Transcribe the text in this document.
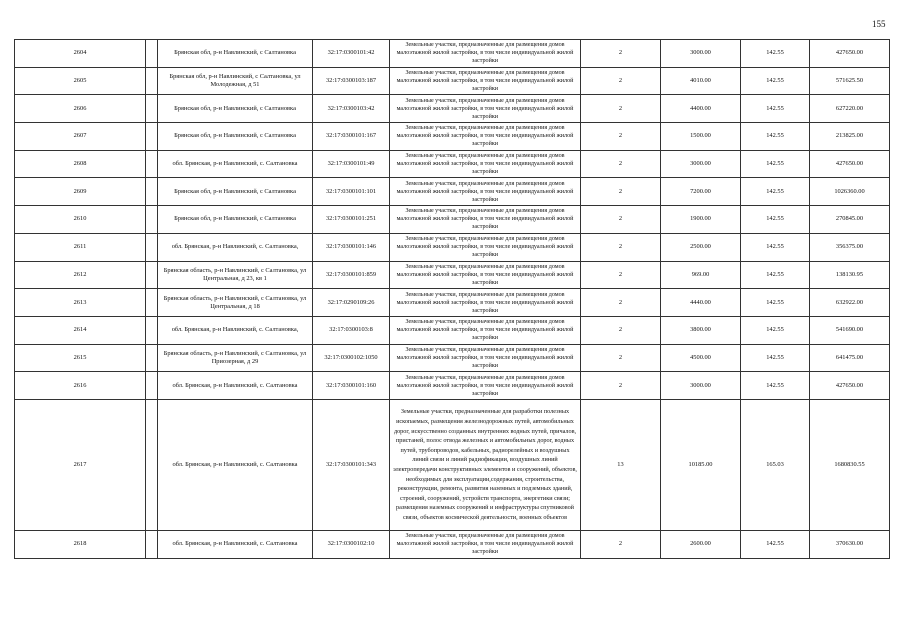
155
2604		Брянская обл, р-н Навлинский, с Салтановка	32:17:0300101:42	Земельные участки, предназначенные для размещения домов малоэтажной жилой застройки, в том числе индивидуальной жилой застройки	2	3000.00	142.55	427650.00
2605		Брянская обл, р-н Навлинский, с Салтановка, ул Молодежная, д 51	32:17:0300103:187	Земельные участки, предназначенные для размещения домов малоэтажной жилой застройки, в том числе индивидуальной жилой застройки	2	4010.00	142.55	571625.50
2606		Брянская обл, р-н Навлинский, с Салтановка	32:17:0300103:42	Земельные участки, предназначенные для размещения домов малоэтажной жилой застройки, в том числе индивидуальной жилой застройки	2	4400.00	142.55	627220.00
2607		Брянская обл, р-н Навлинский, с Салтановка	32:17:0300101:167	Земельные участки, предназначенные для размещения домов малоэтажной жилой застройки, в том числе индивидуальной жилой застройки	2	1500.00	142.55	213825.00
2608		обл. Брянская, р-н Навлинский, с. Салтановка	32:17:0300101:49	Земельные участки, предназначенные для размещения домов малоэтажной жилой застройки, в том числе индивидуальной жилой застройки	2	3000.00	142.55	427650.00
2609		Брянская обл, р-н Навлинский, с Салтановка	32:17:0300101:101	Земельные участки, предназначенные для размещения домов малоэтажной жилой застройки, в том числе индивидуальной жилой застройки	2	7200.00	142.55	1026360.00
2610		Брянская обл, р-н Навлинский, с Салтановка	32:17:0300101:251	Земельные участки, предназначенные для размещения домов малоэтажной жилой застройки, в том числе индивидуальной жилой застройки	2	1900.00	142.55	270845.00
2611		обл. Брянская, р-н Навлинский, с. Салтановка,	32:17:0300101:146	Земельные участки, предназначенные для размещения домов малоэтажной жилой застройки, в том числе индивидуальной жилой застройки	2	2500.00	142.55	356375.00
2612		Брянская область, р-н Навлинский, с Салтановка, ул Центральная, д 23, кв 1	32:17:0300101:859	Земельные участки, предназначенные для размещения домов малоэтажной жилой застройки, в том числе индивидуальной жилой застройки	2	969.00	142.55	138130.95
2613		Брянская область, р-н Навлинский, с Салтановка, ул Центральная, д 18	32:17:0290109:26	Земельные участки, предназначенные для размещения домов малоэтажной жилой застройки, в том числе индивидуальной жилой застройки	2	4440.00	142.55	632922.00
2614		обл. Брянская, р-н Навлинский, с. Салтановка,	32:17:0300103:8	Земельные участки, предназначенные для размещения домов малоэтажной жилой застройки, в том числе индивидуальной жилой застройки	2	3800.00	142.55	541690.00
2615		Брянская область, р-н Навлинский, с Салтановка, ул Приозерная, д 29	32:17:0300102:1050	Земельные участки, предназначенные для размещения домов малоэтажной жилой застройки, в том числе индивидуальной жилой застройки	2	4500.00	142.55	641475.00
2616		обл. Брянская, р-н Навлинский, с. Салтановка	32:17:0300101:160	Земельные участки, предназначенные для размещения домов малоэтажной жилой застройки, в том числе индивидуальной жилой застройки	2	3000.00	142.55	427650.00
2617		обл. Брянская, р-н Навлинский, с. Салтановка	32:17:0300101:343	Земельные участки, предназначенные для разработки полезных ископаемых, размещения железнодорожных путей, автомобильных дорог, искусственно созданных внутренних водных путей, причалов, пристаней, полос отвода железных и автомобильных дорог, водных путей, трубопроводов, кабельных, радиорелейных и воздушных линий связи и линий радиофикации, воздушных линий электропередачи конструктивных элементов и сооружений, объектов, необходимых для эксплуатации,содержания, строительства, реконструкции, ремонта, развития наземных и подземных зданий, строений, сооружений, устройств транспорта, энергетики связи; размещения наземных сооружений и инфраструктуры спутниковой связи, объектов космической деятельности, военных объектов	13	10185.00	165.03	1680830.55
2618		обл. Брянская, р-н Навлинский, с. Салтановка	32:17:0300102:10	Земельные участки, предназначенные для размещения домов малоэтажной жилой застройки, в том числе индивидуальной жилой застройки	2	2600.00	142.55	370630.00
